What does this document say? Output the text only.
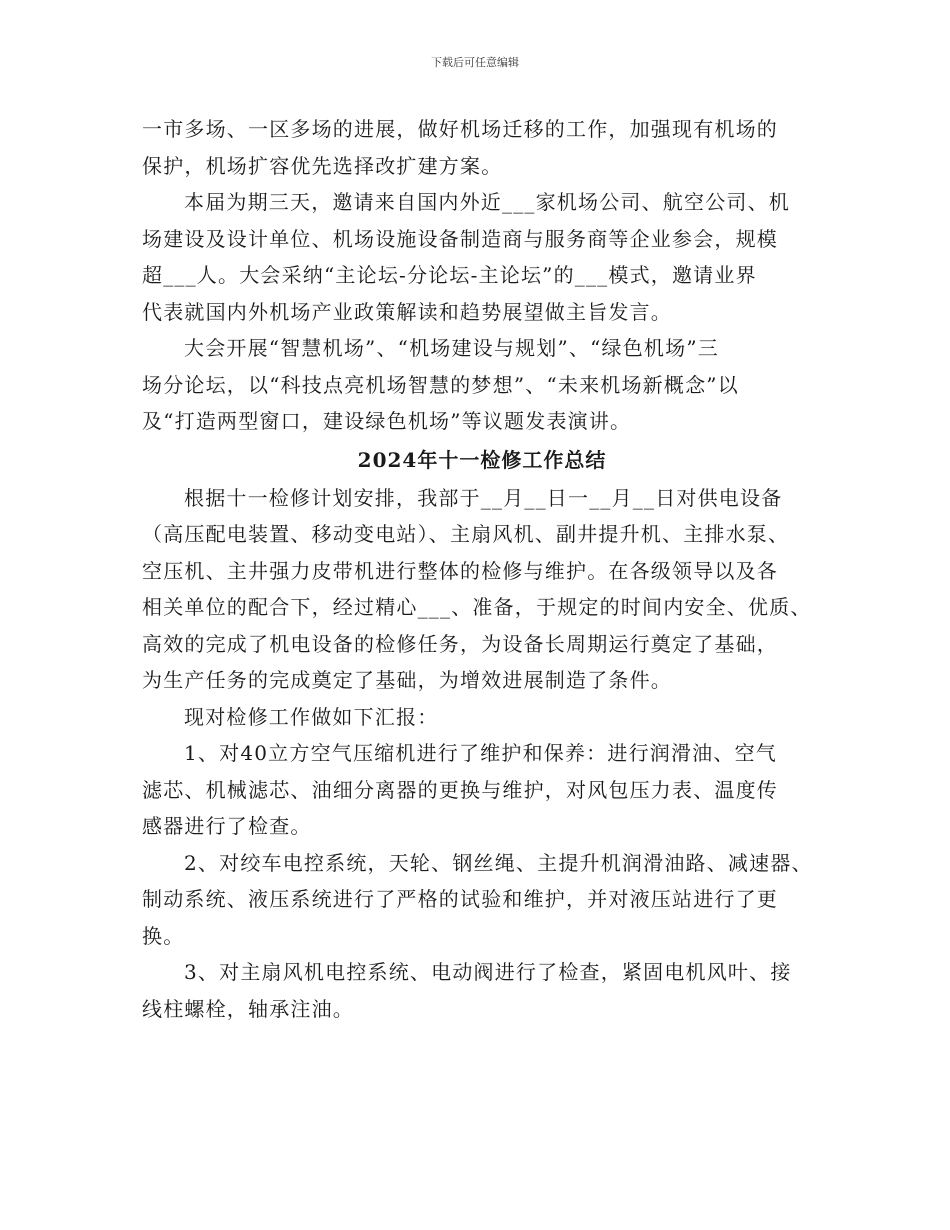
下载后可任意编辑
一市多场、一区多场的进展，做好机场迁移的工作，加强现有机场的
保护，机场扩容优先选择改扩建方案。
本届为期三天，邀请来自国内外近___家机场公司、航空公司、机
场建设及设计单位、机场设施设备制造商与服务商等企业参会，规模
超___人。大会采纳“主论坛-分论坛-主论坛”的___模式，邀请业界
代表就国内外机场产业政策解读和趋势展望做主旨发言。
大会开展“智慧机场”、“机场建设与规划”、“绿色机场”三
场分论坛，以“科技点亮机场智慧的梦想”、“未来机场新概念”以
及“打造两型窗口，建设绿色机场”等议题发表演讲。
2024年十一检修工作总结
根据十一检修计划安排，我部于__月__日一__月__日对供电设备
（高压配电装置、移动变电站）、主扇风机、副井提升机、主排水泵、
空压机、主井强力皮带机进行整体的检修与维护。在各级领导以及各
相关单位的配合下，经过精心___、准备，于规定的时间内安全、优质、
高效的完成了机电设备的检修任务，为设备长周期运行奠定了基础，
为生产任务的完成奠定了基础，为增效进展制造了条件。
现对检修工作做如下汇报：
1、对40立方空气压缩机进行了维护和保养：进行润滑油、空气
滤芯、机械滤芯、油细分离器的更换与维护，对风包压力表、温度传
感器进行了检查。
2、对绞车电控系统，天轮、钢丝绳、主提升机润滑油路、减速器、
制动系统、液压系统进行了严格的试验和维护，并对液压站进行了更
换。
3、对主扇风机电控系统、电动阀进行了检查，紧固电机风叶、接
线柱螺栓，轴承注油。
